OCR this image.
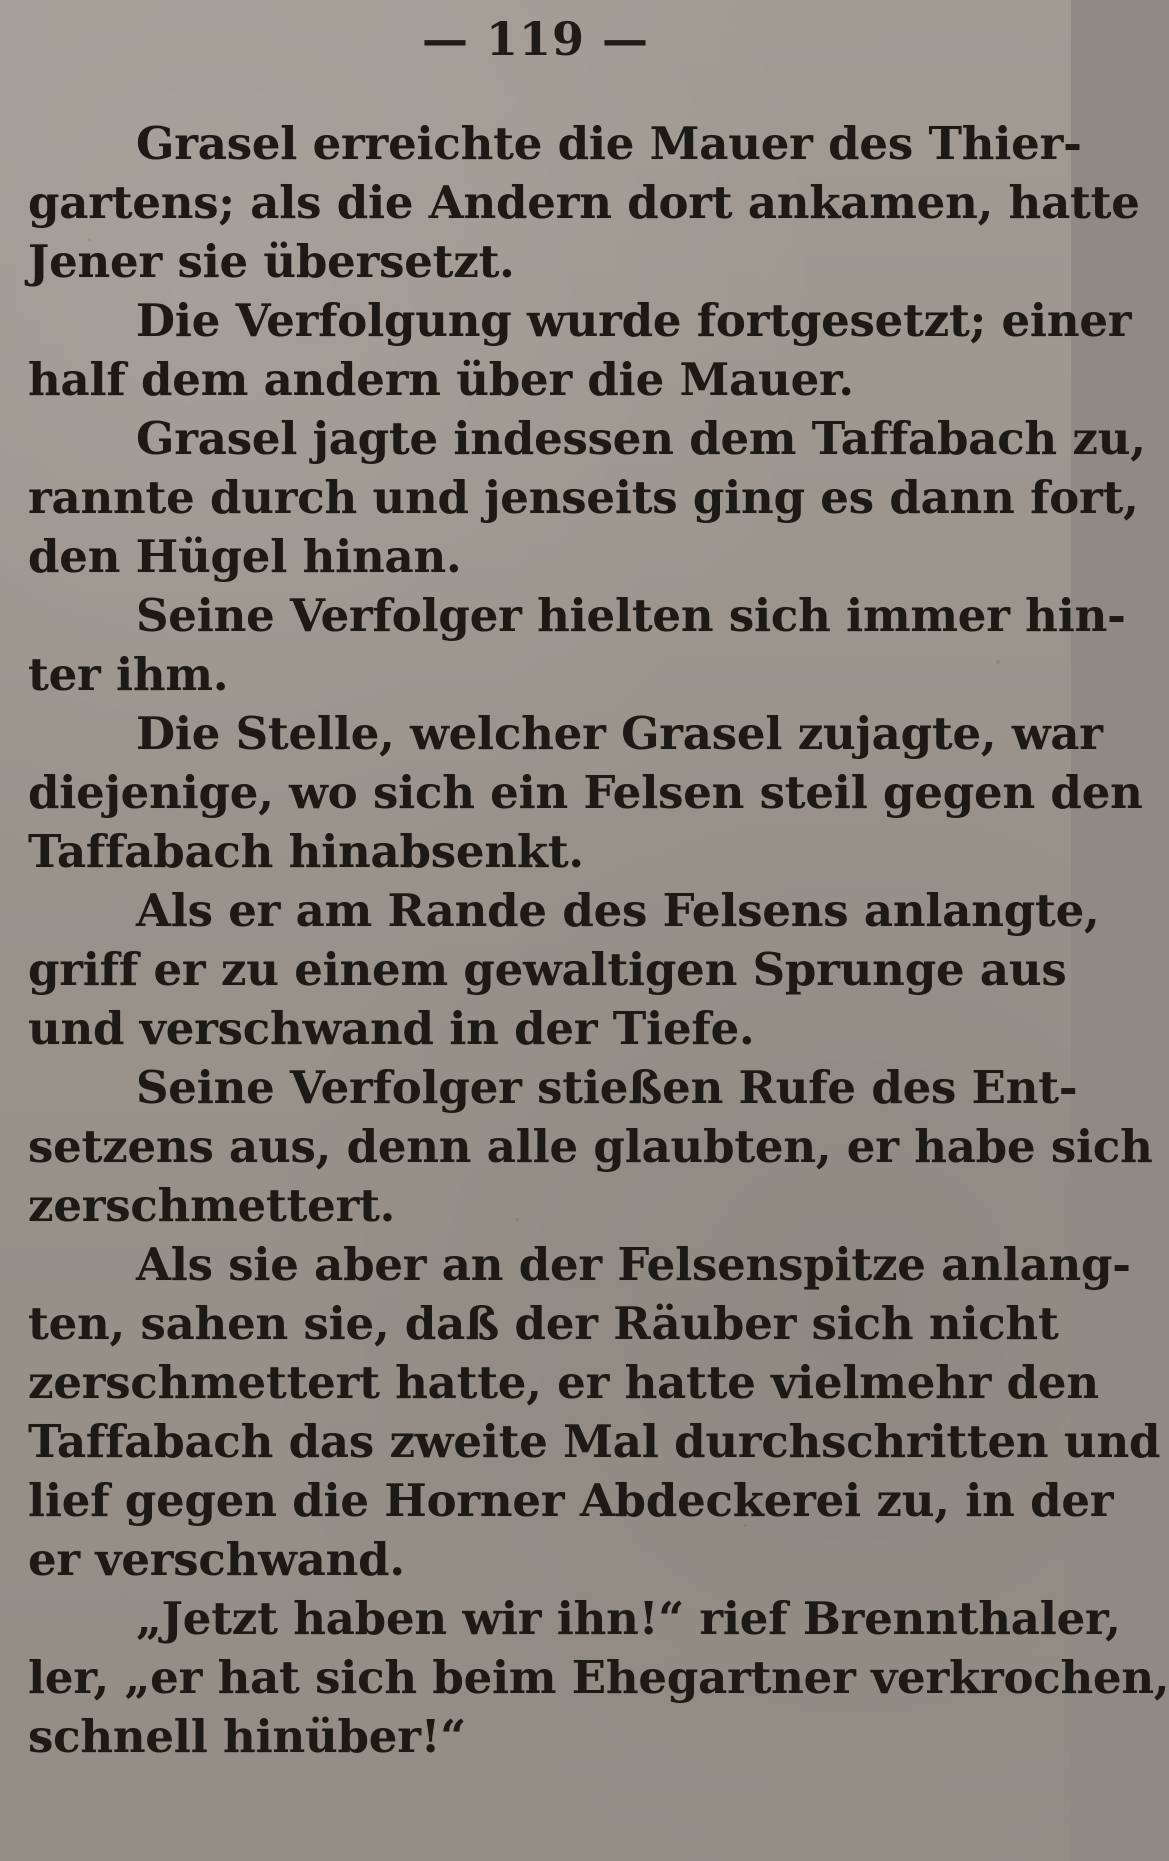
— 119 —
Grasel erreichte die Mauer des Thier-
gartens; als die Andern dort ankamen, hatte
Jener sie übersetzt.
Die Verfolgung wurde fortgesetzt; einer
half dem andern über die Mauer.
Grasel jagte indessen dem Taffabach zu,
rannte durch und jenseits ging es dann fort,
den Hügel hinan.
Seine Verfolger hielten sich immer hin-
ter ihm.
Die Stelle, welcher Grasel zujagte, war
diejenige, wo sich ein Felsen steil gegen den
Taffabach hinabsenkt.
Als er am Rande des Felsens anlangte,
griff er zu einem gewaltigen Sprunge aus
und verschwand in der Tiefe.
Seine Verfolger stießen Rufe des Ent-
setzens aus, denn alle glaubten, er habe sich
zerschmettert.
Als sie aber an der Felsenspitze anlang-
ten, sahen sie, daß der Räuber sich nicht
zerschmettert hatte, er hatte vielmehr den
Taffabach das zweite Mal durchschritten und
lief gegen die Horner Abdeckerei zu, in der
er verschwand.
„Jetzt haben wir ihn!“ rief Brennthaler,
ler, „er hat sich beim Ehegartner verkrochen,
schnell hinüber!“
